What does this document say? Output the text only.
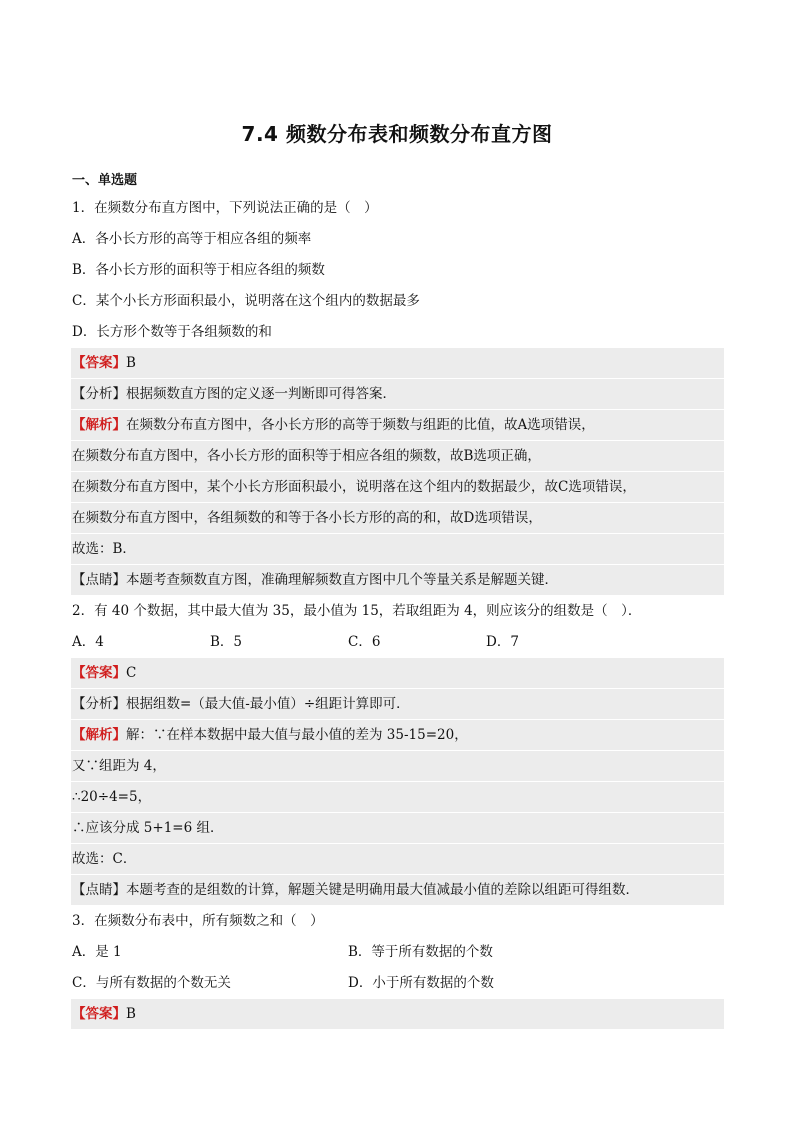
7.4 频数分布表和频数分布直方图
一、单选题
1．在频数分布直方图中，下列说法正确的是（　）
A．各小长方形的高等于相应各组的频率
B．各小长方形的面积等于相应各组的频数
C．某个小长方形面积最小，说明落在这个组内的数据最多
D．长方形个数等于各组频数的和
【答案】B
【分析】根据频数直方图的定义逐一判断即可得答案．
【解析】在频数分布直方图中，各小长方形的高等于频数与组距的比值，故A选项错误，
在频数分布直方图中，各小长方形的面积等于相应各组的频数，故B选项正确，
在频数分布直方图中，某个小长方形面积最小，说明落在这个组内的数据最少，故C选项错误，
在频数分布直方图中，各组频数的和等于各小长方形的高的和，故D选项错误，
故选：B．
【点睛】本题考查频数直方图，准确理解频数直方图中几个等量关系是解题关键．
2．有 40 个数据，其中最大值为 35，最小值为 15，若取组距为 4，则应该分的组数是（　）．
A．4	B．5	C．6	D．7
【答案】C
【分析】根据组数=（最大值-最小值）÷组距计算即可．
【解析】解：∵在样本数据中最大值与最小值的差为 35-15=20，
又∵组距为 4，
∴20÷4=5，
∴应该分成 5+1=6 组．
故选：C．
【点睛】本题考查的是组数的计算，解题关键是明确用最大值减最小值的差除以组距可得组数．
3．在频数分布表中，所有频数之和（　）
A．是 1	B．等于所有数据的个数
C．与所有数据的个数无关	D．小于所有数据的个数
【答案】B
